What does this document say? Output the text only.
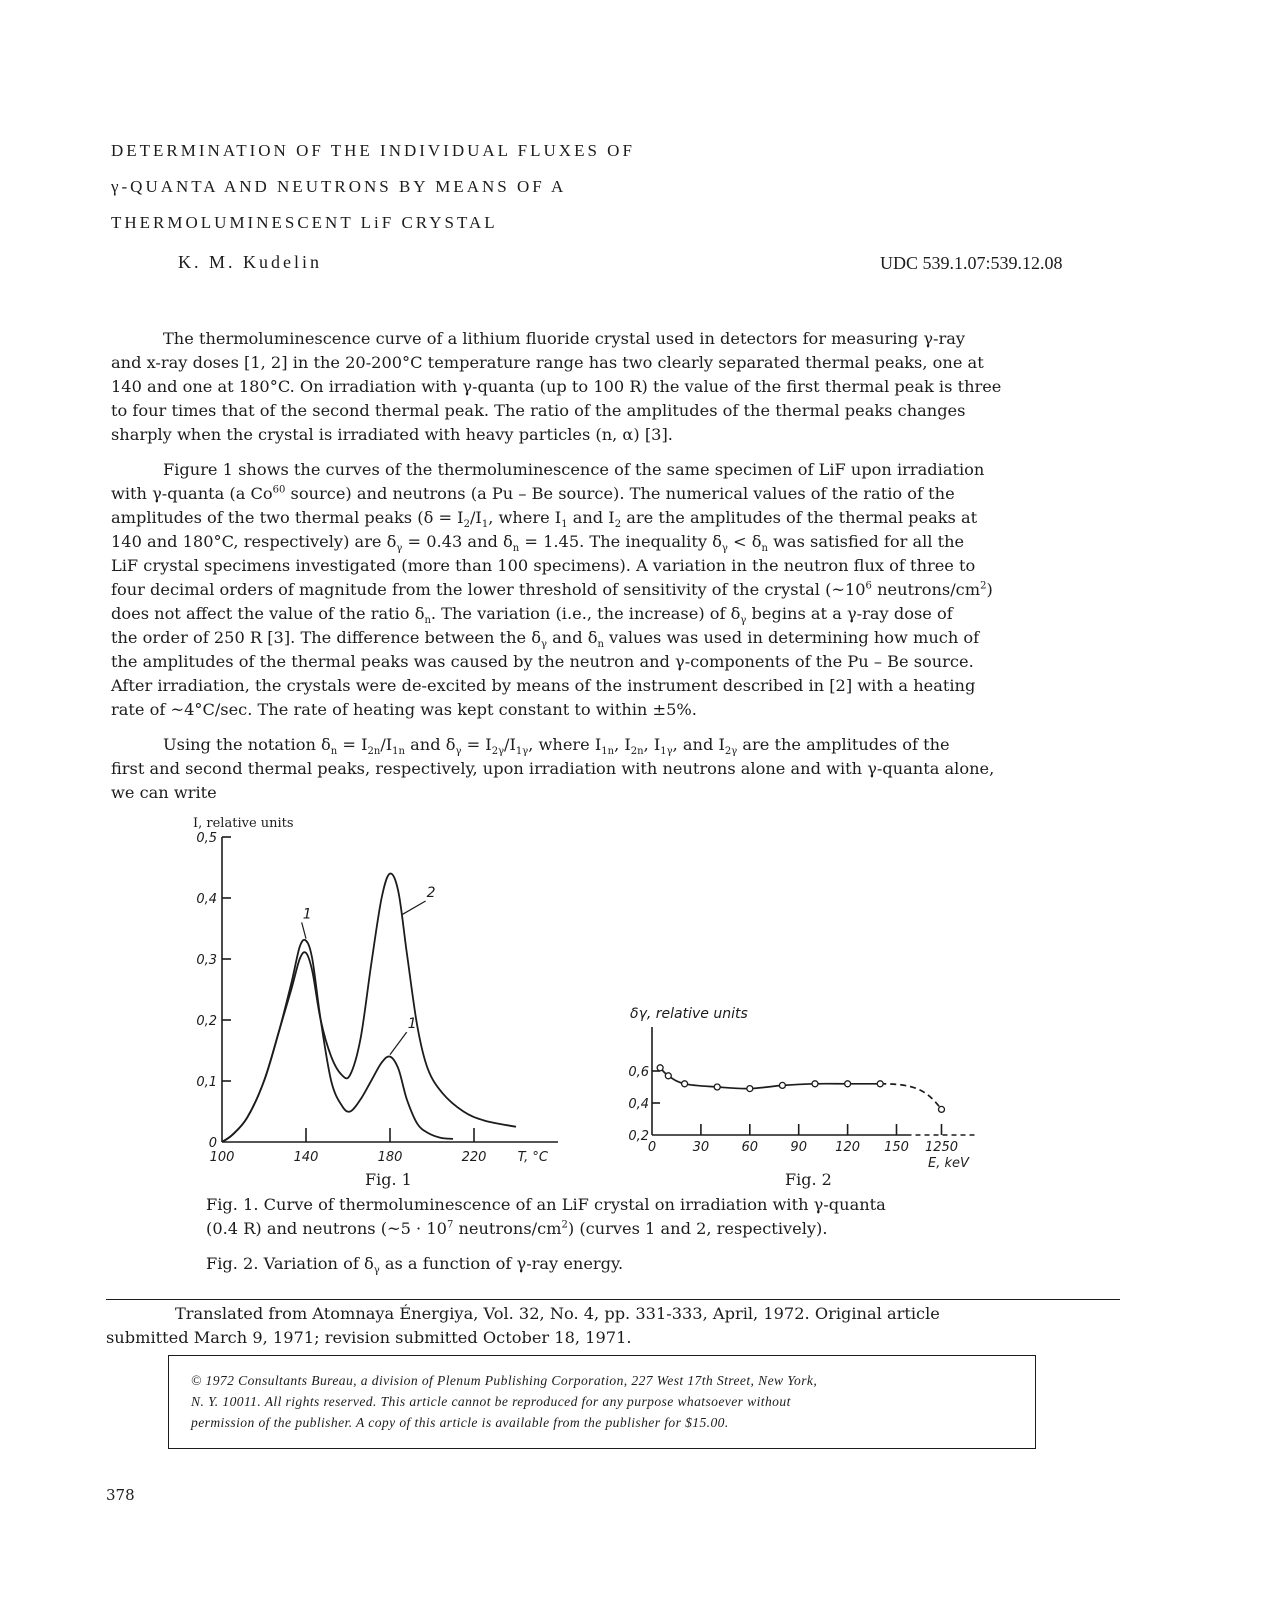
DETERMINATION OF THE INDIVIDUAL FLUXES OF
γ-QUANTA AND NEUTRONS BY MEANS OF A
THERMOLUMINESCENT LiF CRYSTAL
K. M. Kudelin	UDC 539.1.07:539.12.08

The thermoluminescence curve of a lithium fluoride crystal used in detectors for measuring γ-ray
and x-ray doses [1, 2] in the 20-200°C temperature range has two clearly separated thermal peaks, one at
140 and one at 180°C. On irradiation with γ-quanta (up to 100 R) the value of the first thermal peak is three
to four times that of the second thermal peak. The ratio of the amplitudes of the thermal peaks changes
sharply when the crystal is irradiated with heavy particles (n, α) [3].

Figure 1 shows the curves of the thermoluminescence of the same specimen of LiF upon irradiation
with γ-quanta (a Co$^{60}$ source) and neutrons (a Pu – Be source). The numerical values of the ratio of the
amplitudes of the two thermal peaks ($\delta = I_2/I_1$, where $I_1$ and $I_2$ are the amplitudes of the thermal peaks at
140 and 180°C, respectively) are $\delta_\gamma = 0.43$ and $\delta_n = 1.45$. The inequality $\delta_\gamma < \delta_n$ was satisfied for all the
LiF crystal specimens investigated (more than 100 specimens). A variation in the neutron flux of three to
four decimal orders of magnitude from the lower threshold of sensitivity of the crystal ($\sim 10^6$ neutrons/$cm^2$)
does not affect the value of the ratio $\delta_n$. The variation (i.e., the increase) of $\delta_\gamma$ begins at a γ-ray dose of
the order of 250 R [3]. The difference between the $\delta_\gamma$ and $\delta_n$ values was used in determining how much of
the amplitudes of the thermal peaks was caused by the neutron and γ-components of the Pu – Be source.
After irradiation, the crystals were de-excited by means of the instrument described in [2] with a heating
rate of ~4°C/sec. The rate of heating was kept constant to within ±5%.

Using the notation $\delta_n = I_{2n}/I_{1n}$ and $\delta_\gamma = I_{2\gamma}/I_{1\gamma}$, where $I_{1n}$, $I_{2n}$, $I_{1\gamma}$, and $I_{2\gamma}$ are the amplitudes of the
first and second thermal peaks, respectively, upon irradiation with neutrons alone and with γ-quanta alone,
we can write

I, relative units
0
0,1
0,2
0,3
0,4
0,5
100	140	180	220 T, °C
1
1
2
Fig. 1
δγ, relative units
0,2
0,4
0,6
0	30 60 90 120 150 1250
E, keV
Fig. 2

Fig. 1. Curve of thermoluminescence of an LiF crystal on irradiation with γ-quanta
(0.4 R) and neutrons (~5 · $10^7$ neutrons/$cm^2$) (curves 1 and 2, respectively).

Fig. 2. Variation of $\delta_\gamma$ as a function of γ-ray energy.

Translated from Atomnaya Énergiya, Vol. 32, No. 4, pp. 331-333, April, 1972. Original article
submitted March 9, 1971; revision submitted October 18, 1971.

© 1972 Consultants Bureau, a division of Plenum Publishing Corporation, 227 West 17th Street, New York,
N. Y. 10011. All rights reserved. This article cannot be reproduced for any purpose whatsoever without
permission of the publisher. A copy of this article is available from the publisher for $15.00.

378
